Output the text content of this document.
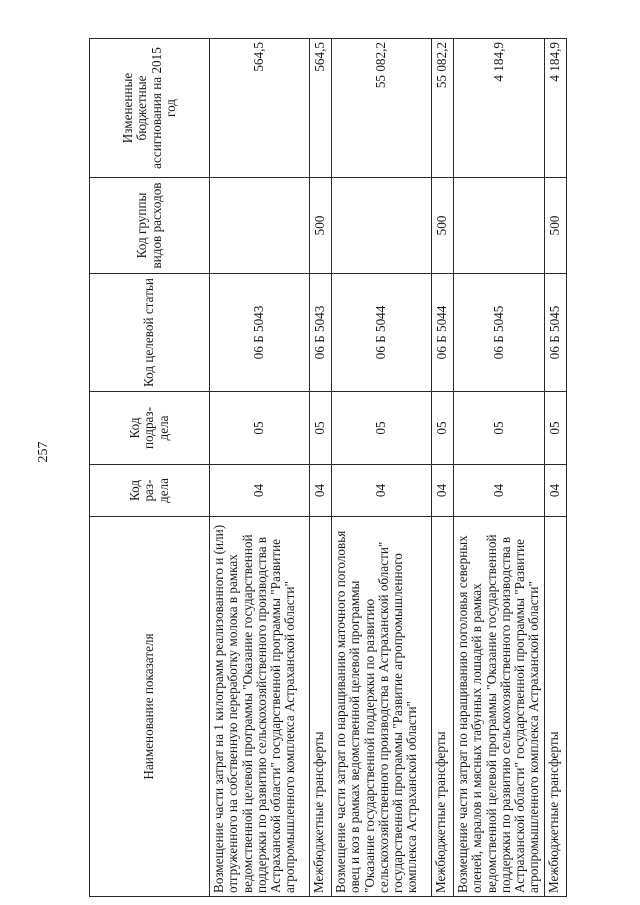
257
Наименование показателя	Код раз-дела	Код подраз-дела	Код целевой статьи	Код группы видов расходов	Измененные бюджетные ассигнования на 2015 год
Возмещение части затрат на 1 килограмм реализованного и (или) отгруженного на собственную переработку молока в рамках ведомственной целевой программы "Оказание государственной поддержки по развитию сельскохозяйственного производства в Астраханской области" государственной программы "Развитие агропромышленного комплекса Астраханской области"	04	05	06 Б 5043		564,5
Межбюджетные трансферты	04	05	06 Б 5043	500	564,5
Возмещение части затрат по наращиванию маточного поголовья овец и коз в рамках ведомственной целевой программы "Оказание государственной поддержки по развитию сельскохозяйственного производства в Астраханской области" государственной программы "Развитие агропромышленного комплекса Астраханской области"	04	05	06 Б 5044		55 082,2
Межбюджетные трансферты	04	05	06 Б 5044	500	55 082,2
Возмещение части затрат по наращиванию поголовья северных оленей, маралов и мясных табунных лошадей в рамках ведомственной целевой программы "Оказание государственной поддержки по развитию сельскохозяйственного производства в Астраханской области" государственной программы "Развитие агропромышленного комплекса Астраханской области"	04	05	06 Б 5045		4 184,9
Межбюджетные трансферты	04	05	06 Б 5045	500	4 184,9
